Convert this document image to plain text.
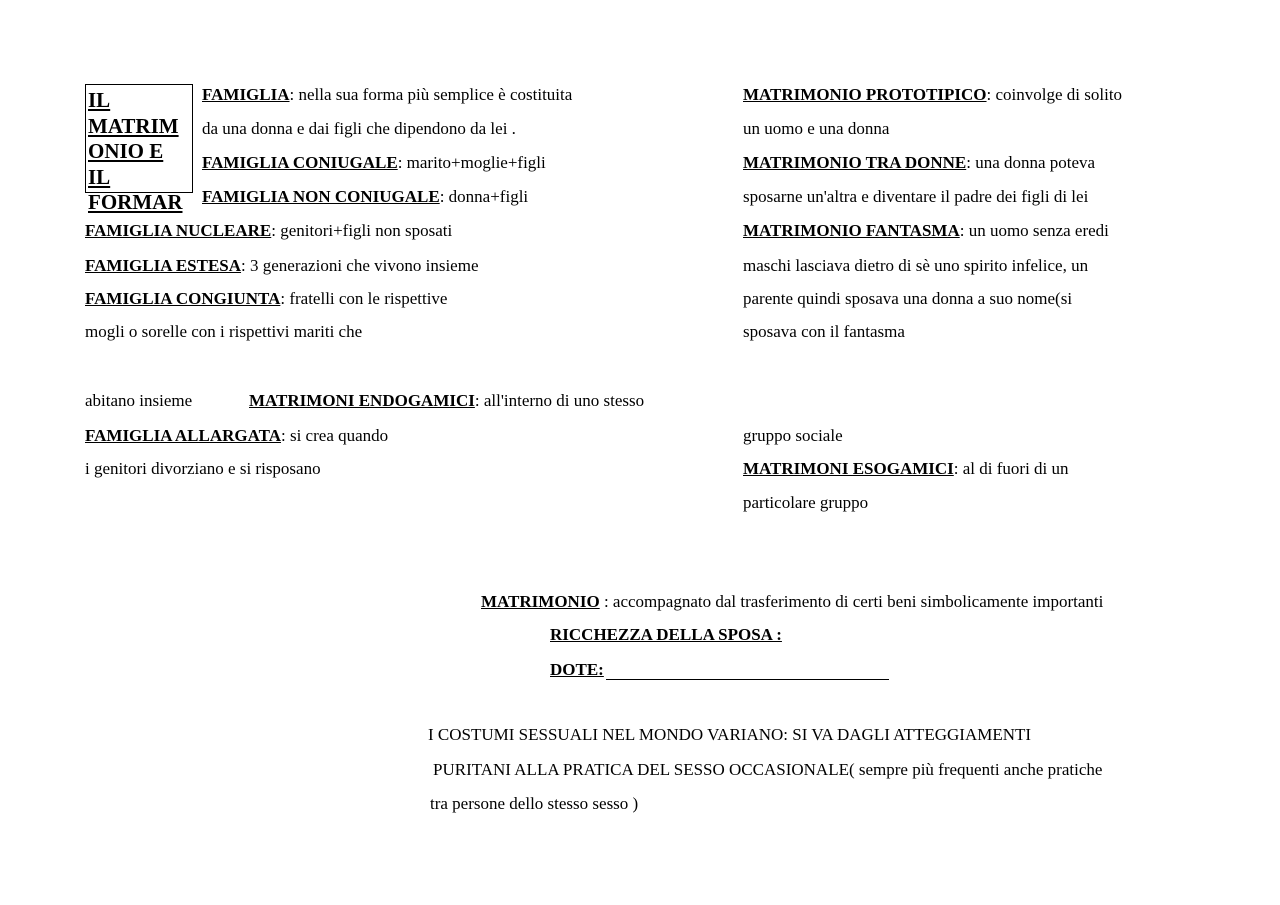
IL
MATRIM
ONIO E
IL
FORMAR
FAMIGLIA: nella sua forma più semplice è costituita
da una donna e dai figli che dipendono da lei .
FAMIGLIA CONIUGALE: marito+moglie+figli
FAMIGLIA NON CONIUGALE: donna+figli
FAMIGLIA NUCLEARE: genitori+figli non sposati
FAMIGLIA ESTESA: 3 generazioni che vivono insieme
FAMIGLIA CONGIUNTA: fratelli con le rispettive
mogli o sorelle con i rispettivi mariti che
abitano insieme	MATRIMONI ENDOGAMICI: all'interno di uno stesso
FAMIGLIA ALLARGATA: si crea quando
i genitori divorziano e si risposano
MATRIMONIO PROTOTIPICO: coinvolge di solito
un uomo e una donna
MATRIMONIO TRA DONNE: una donna poteva
sposarne un'altra e diventare il padre dei figli di lei
MATRIMONIO FANTASMA: un uomo senza eredi
maschi lasciava dietro di sè uno spirito infelice, un
parente quindi sposava una donna a suo nome(si
sposava con il fantasma
gruppo sociale
MATRIMONI ESOGAMICI: al di fuori di un
particolare gruppo
MATRIMONIO : accompagnato dal trasferimento di certi beni simbolicamente importanti
RICCHEZZA DELLA SPOSA :
DOTE:
I COSTUMI SESSUALI NEL MONDO VARIANO: SI VA DAGLI ATTEGGIAMENTI
PURITANI ALLA PRATICA DEL SESSO OCCASIONALE( sempre più frequenti anche pratiche
tra persone dello stesso sesso )
